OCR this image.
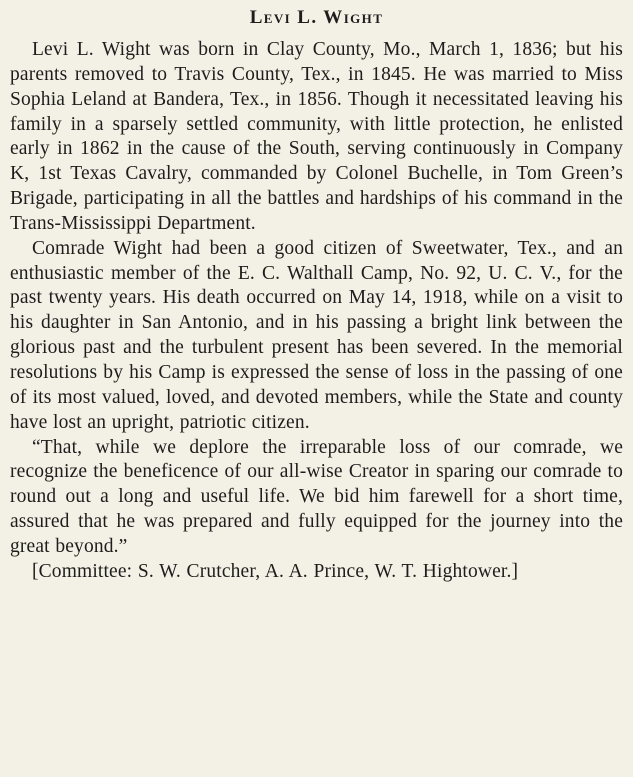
Levi L. Wight

Levi L. Wight was born in Clay County, Mo., March 1, 1836; but his parents removed to Travis County, Tex., in 1845. He was married to Miss Sophia Leland at Bandera, Tex., in 1856. Though it necessitated leaving his family in a sparsely settled community, with little protection, he enlisted early in 1862 in the cause of the South, serving continuously in Company K, 1st Texas Cavalry, commanded by Colonel Buchelle, in Tom Green’s Brigade, participating in all the battles and hardships of his command in the Trans-Mississippi Department.

Comrade Wight had been a good citizen of Sweetwater, Tex., and an enthusiastic member of the E. C. Walthall Camp, No. 92, U. C. V., for the past twenty years. His death occurred on May 14, 1918, while on a visit to his daughter in San Antonio, and in his passing a bright link between the glorious past and the turbulent present has been severed. In the memorial resolutions by his Camp is expressed the sense of loss in the passing of one of its most valued, loved, and devoted members, while the State and county have lost an upright, patriotic citizen.

“That, while we deplore the irreparable loss of our comrade, we recognize the beneficence of our all-wise Creator in sparing our comrade to round out a long and useful life. We bid him farewell for a short time, assured that he was prepared and fully equipped for the journey into the great beyond.”

[Committee: S. W. Crutcher, A. A. Prince, W. T. Hightower.]
